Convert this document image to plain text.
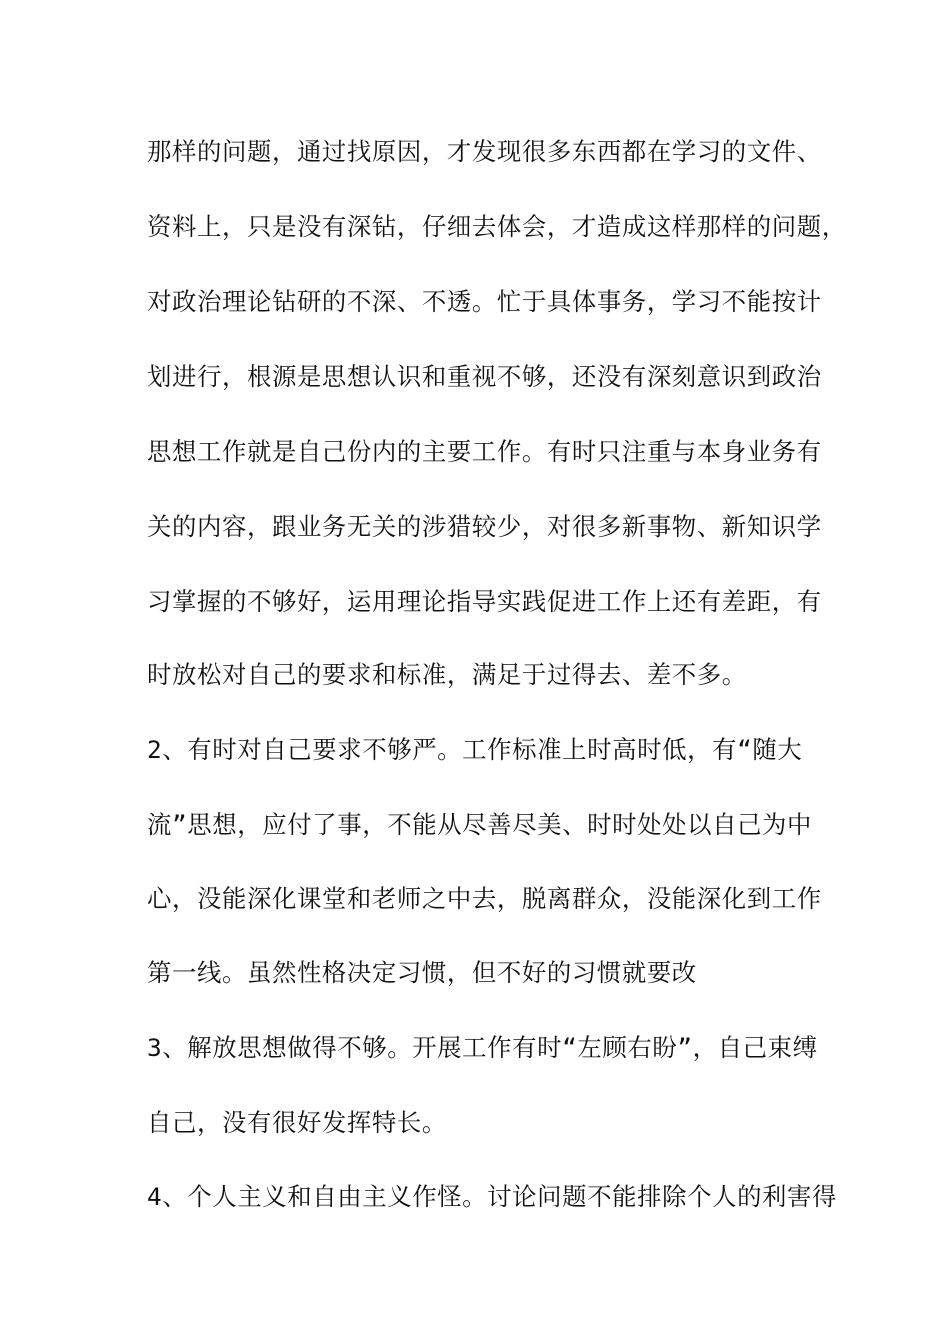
那样的问题，通过找原因，才发现很多东西都在学习的文件、

资料上，只是没有深钻，仔细去体会，才造成这样那样的问题，

对政治理论钻研的不深、不透。忙于具体事务，学习不能按计

划进行，根源是思想认识和重视不够，还没有深刻意识到政治

思想工作就是自己份内的主要工作。有时只注重与本身业务有

关的内容，跟业务无关的涉猎较少，对很多新事物、新知识学

习掌握的不够好，运用理论指导实践促进工作上还有差距，有

时放松对自己的要求和标准，满足于过得去、差不多。

2、有时对自己要求不够严。工作标准上时高时低，有“随大

流”思想，应付了事，不能从尽善尽美、时时处处以自己为中

心，没能深化课堂和老师之中去，脱离群众，没能深化到工作

第一线。虽然性格决定习惯，但不好的习惯就要改

3、解放思想做得不够。开展工作有时“左顾右盼”，自己束缚

自己，没有很好发挥特长。

4、个人主义和自由主义作怪。讨论问题不能排除个人的利害得
